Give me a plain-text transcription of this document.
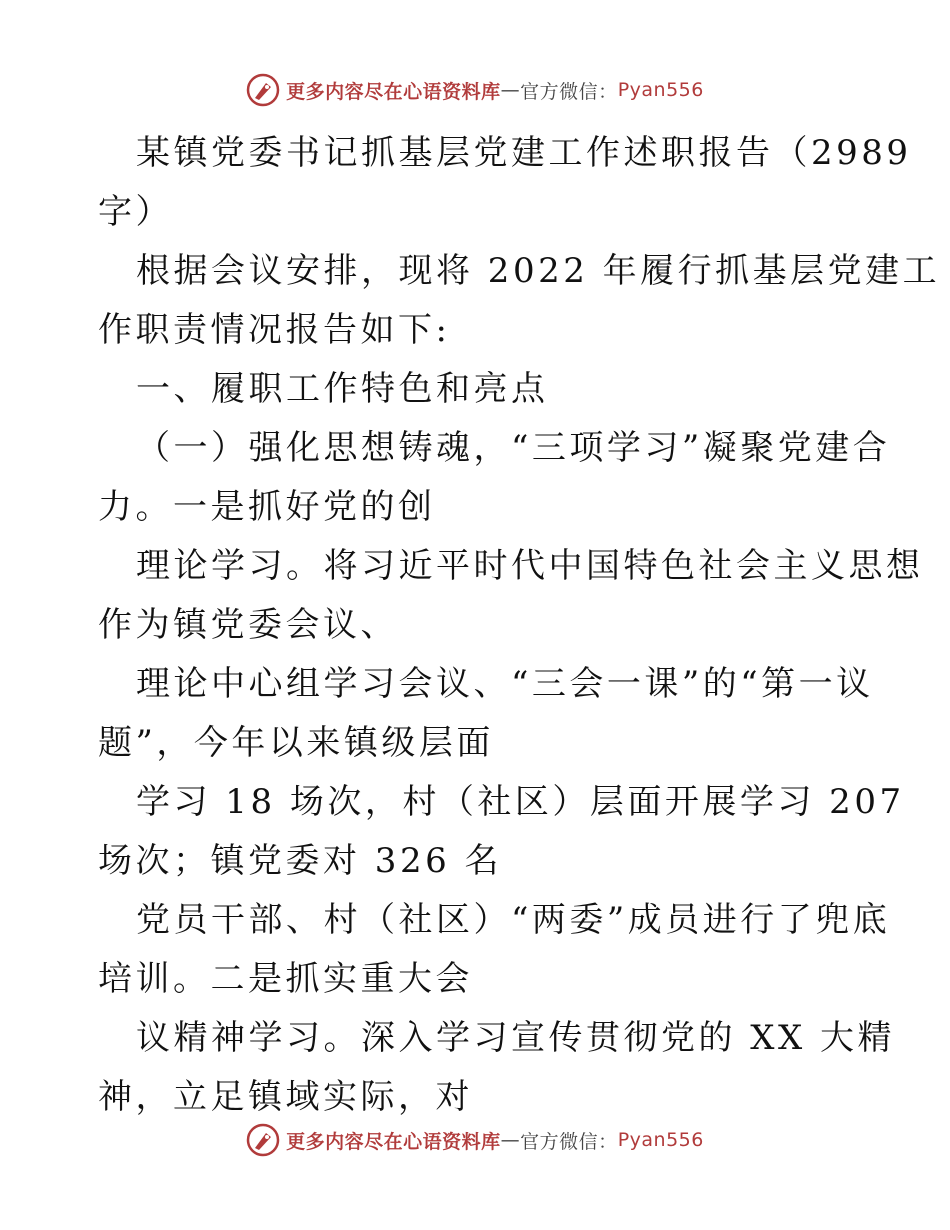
更多内容尽在心语资料库 — 官方微信： Pyan556

某镇党委书记抓基层党建工作述职报告（2989

字）

根据会议安排，现将 2022 年履行抓基层党建工

作职责情况报告如下:

一、履职工作特色和亮点

（一）强化思想铸魂，“三项学习”凝聚党建合

力。一是抓好党的创

理论学习。将习近平时代中国特色社会主义思想

作为镇党委会议、

理论中心组学习会议、“三会一课”的“第一议

题”，今年以来镇级层面

学习 18 场次，村（社区）层面开展学习 207

场次；镇党委对 326 名

党员干部、村（社区）“两委”成员进行了兜底

培训。二是抓实重大会

议精神学习。深入学习宣传贯彻党的 XX 大精

神，立足镇域实际，对

更多内容尽在心语资料库 — 官方微信： Pyan556
